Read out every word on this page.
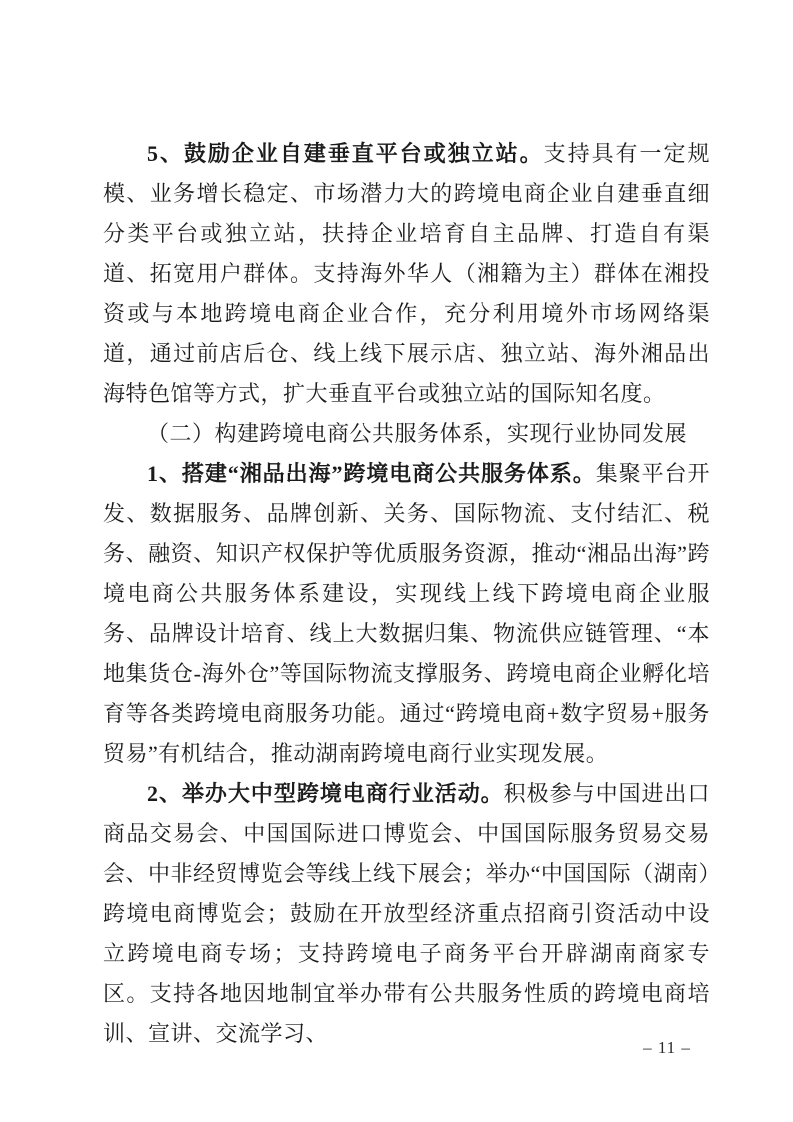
5、鼓励企业自建垂直平台或独立站。支持具有一定规模、业务增长稳定、市场潜力大的跨境电商企业自建垂直细分类平台或独立站，扶持企业培育自主品牌、打造自有渠道、拓宽用户群体。支持海外华人（湘籍为主）群体在湘投资或与本地跨境电商企业合作，充分利用境外市场网络渠道，通过前店后仓、线上线下展示店、独立站、海外湘品出海特色馆等方式，扩大垂直平台或独立站的国际知名度。

（二）构建跨境电商公共服务体系，实现行业协同发展

1、搭建“湘品出海”跨境电商公共服务体系。集聚平台开发、数据服务、品牌创新、关务、国际物流、支付结汇、税务、融资、知识产权保护等优质服务资源，推动“湘品出海”跨境电商公共服务体系建设，实现线上线下跨境电商企业服务、品牌设计培育、线上大数据归集、物流供应链管理、“本地集货仓-海外仓”等国际物流支撑服务、跨境电商企业孵化培育等各类跨境电商服务功能。通过“跨境电商+数字贸易+服务贸易”有机结合，推动湖南跨境电商行业实现发展。

2、举办大中型跨境电商行业活动。积极参与中国进出口商品交易会、中国国际进口博览会、中国国际服务贸易交易会、中非经贸博览会等线上线下展会；举办“中国国际（湖南）跨境电商博览会；鼓励在开放型经济重点招商引资活动中设立跨境电商专场；支持跨境电子商务平台开辟湖南商家专区。支持各地因地制宜举办带有公共服务性质的跨境电商培训、宣讲、交流学习、

– 11 –
